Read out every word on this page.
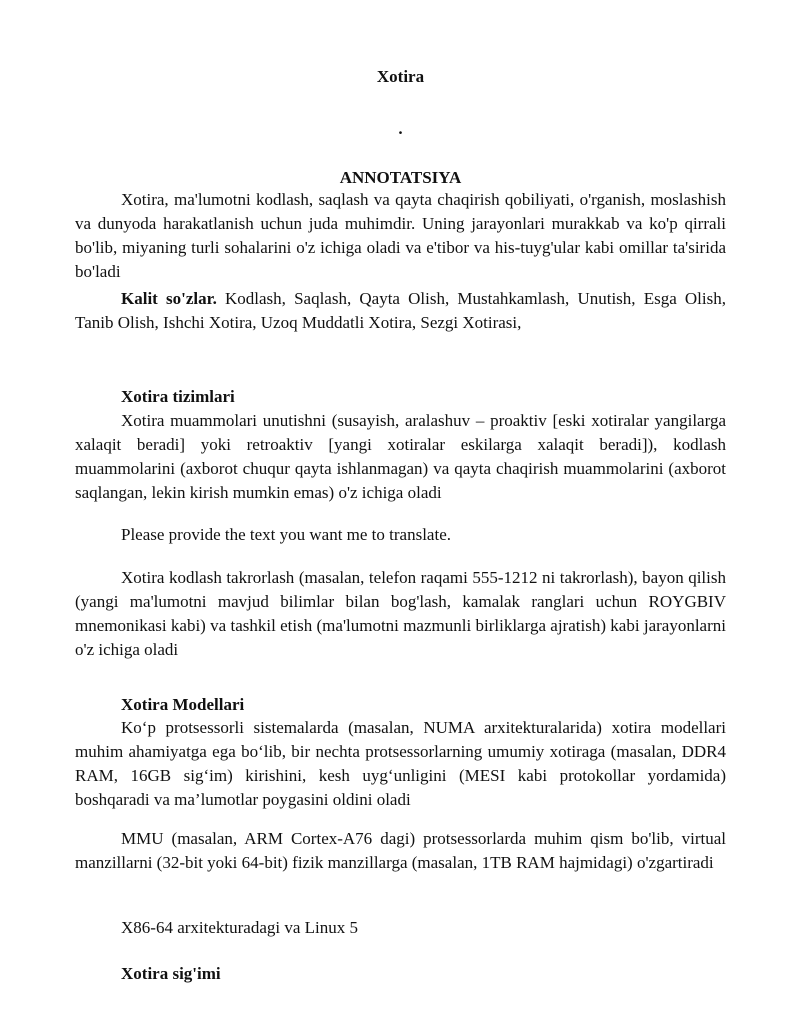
Xotira
.
ANNOTATSIYA
Xotira, ma'lumotni kodlash, saqlash va qayta chaqirish qobiliyati, o'rganish, moslashish va dunyoda harakatlanish uchun juda muhimdir. Uning jarayonlari murakkab va ko'p qirrali bo'lib, miyaning turli sohalarini o'z ichiga oladi va e'tibor va his-tuyg'ular kabi omillar ta'sirida bo'ladi
Kalit so'zlar. Kodlash, Saqlash, Qayta Olish, Mustahkamlash, Unutish, Esga Olish, Tanib Olish, Ishchi Xotira, Uzoq Muddatli Xotira, Sezgi Xotirasi,
Xotira tizimlari
Xotira muammolari unutishni (susayish, aralashuv – proaktiv [eski xotiralar yangilarga xalaqit beradi] yoki retroaktiv [yangi xotiralar eskilarga xalaqit beradi]), kodlash muammolarini (axborot chuqur qayta ishlanmagan) va qayta chaqirish muammolarini (axborot saqlangan, lekin kirish mumkin emas) o'z ichiga oladi
Please provide the text you want me to translate.
Xotira kodlash takrorlash (masalan, telefon raqami 555-1212 ni takrorlash), bayon qilish (yangi ma'lumotni mavjud bilimlar bilan bog'lash, kamalak ranglari uchun ROYGBIV mnemonikasi kabi) va tashkil etish (ma'lumotni mazmunli birliklarga ajratish) kabi jarayonlarni o'z ichiga oladi
Xotira Modellari
Ko‘p protsessorli sistemalarda (masalan, NUMA arxitekturalarida) xotira modellari muhim ahamiyatga ega bo‘lib, bir nechta protsessorlarning umumiy xotiraga (masalan, DDR4 RAM, 16GB sig‘im) kirishini, kesh uyg‘unligini (MESI kabi protokollar yordamida) boshqaradi va ma’lumotlar poygasini oldini oladi
MMU (masalan, ARM Cortex-A76 dagi) protsessorlarda muhim qism bo'lib, virtual manzillarni (32-bit yoki 64-bit) fizik manzillarga (masalan, 1TB RAM hajmidagi) o'zgartiradi
X86-64 arxitekturadagi va Linux 5
Xotira sig'imi
